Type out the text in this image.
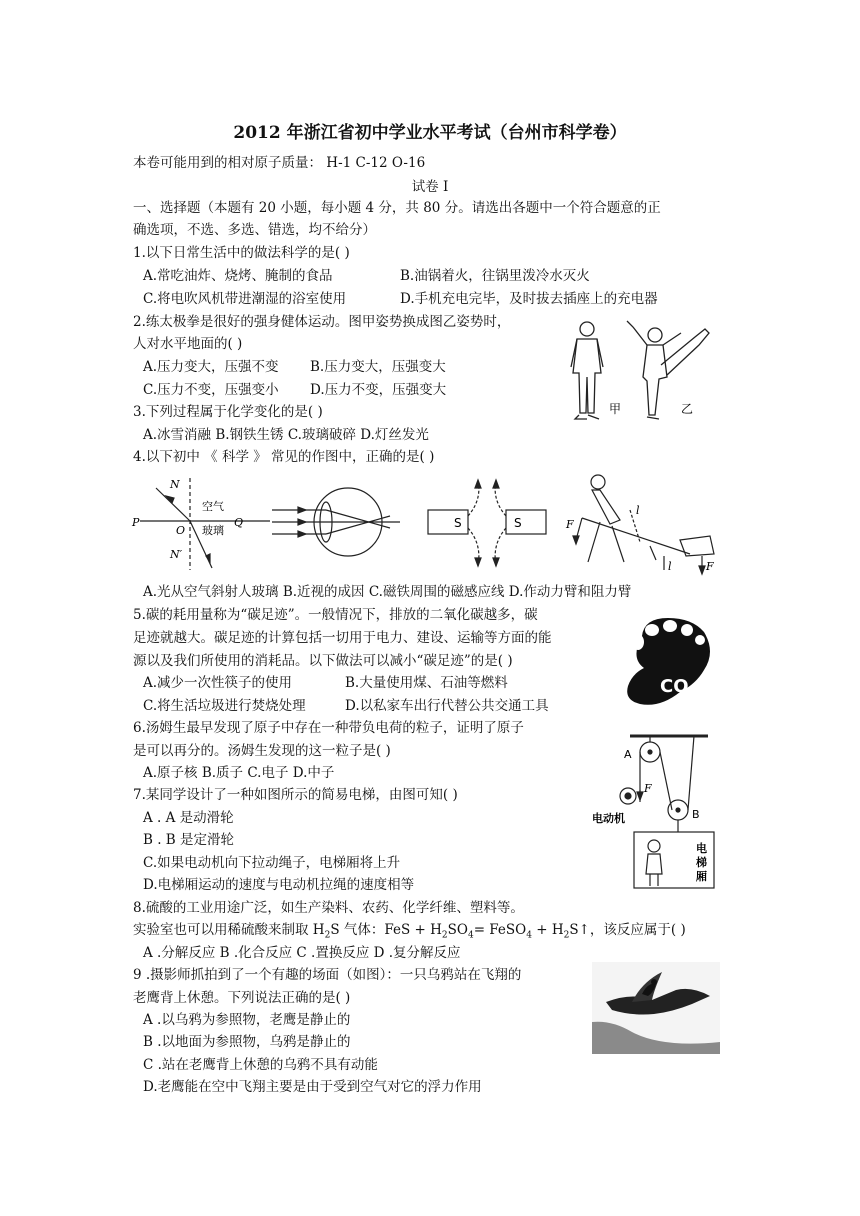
2012 年浙江省初中学业水平考试（台州市科学卷）
本卷可能用到的相对原子质量： H-1 C-12 O-16
试卷 I
一、选择题（本题有 20 小题，每小题 4 分，共 80 分。请选出各题中一个符合题意的正
确选项，不选、多选、错选，均不给分）
1.以下日常生活中的做法科学的是( )
A.常吃油炸、烧烤、腌制的食品	B.油锅着火，往锅里泼冷水灭火
C.将电吹风机带进潮湿的浴室使用	D.手机充电完毕，及时拔去插座上的充电器
2.练太极拳是很好的强身健体运动。图甲姿势换成图乙姿势时，
人对水平地面的( )
A.压力变大，压强不变 B.压力变大，压强变大
C.压力不变，压强变小 D.压力不变，压强变大
甲	乙
3.下列过程属于化学变化的是( )
A.冰雪消融 B.钢铁生锈 C.玻璃破碎 D.灯丝发光
4.以下初中 《 科学 》 常见的作图中，正确的是( )
N
N′
P
O
Q
空气
玻璃
S	S	F
F
l
l
A.光从空气斜射人玻璃 B.近视的成因 C.磁铁周围的磁感应线 D.作动力臂和阻力臂
5.碳的耗用量称为“碳足迹”。一般情况下，排放的二氧化碳越多，碳
足迹就越大。碳足迹的计算包括一切用于电力、建设、运输等方面的能
源以及我们所使用的消耗品。以下做法可以减小“碳足迹”的是( )
A.减少一次性筷子的使用	B.大量使用煤、石油等燃料
C.将生活垃圾进行焚烧处理	D.以私家车出行代替公共交通工具
CO 2
6.汤姆生最早发现了原子中存在一种带负电荷的粒子，证明了原子
是可以再分的。汤姆生发现的这一粒子是( )
A.原子核 B.质子 C.电子 D.中子
7.某同学设计了一种如图所示的简易电梯，由图可知( )
A . A 是动滑轮
B . B 是定滑轮
C.如果电动机向下拉动绳子，电梯厢将上升
D.电梯厢运动的速度与电动机拉绳的速度相等
A
B
F
电动机
电
梯
厢
8.硫酸的工业用途广泛，如生产染料、农药、化学纤维、塑料等。
实验室也可以用稀硫酸来制取 $H_2S$ 气体：FeS + $H_2SO_4=$ FeSO$_4$ + $H_2S↑$，该反应属于( )
A .分解反应 B .化合反应 C .置换反应 D .复分解反应
9 .摄影师抓拍到了一个有趣的场面（如图）：一只乌鸦站在飞翔的
老鹰背上休憩。下列说法正确的是( )
A .以乌鸦为参照物，老鹰是静止的
B .以地面为参照物，乌鸦是静止的
C .站在老鹰背上休憩的乌鸦不具有动能
D.老鹰能在空中飞翔主要是由于受到空气对它的浮力作用
